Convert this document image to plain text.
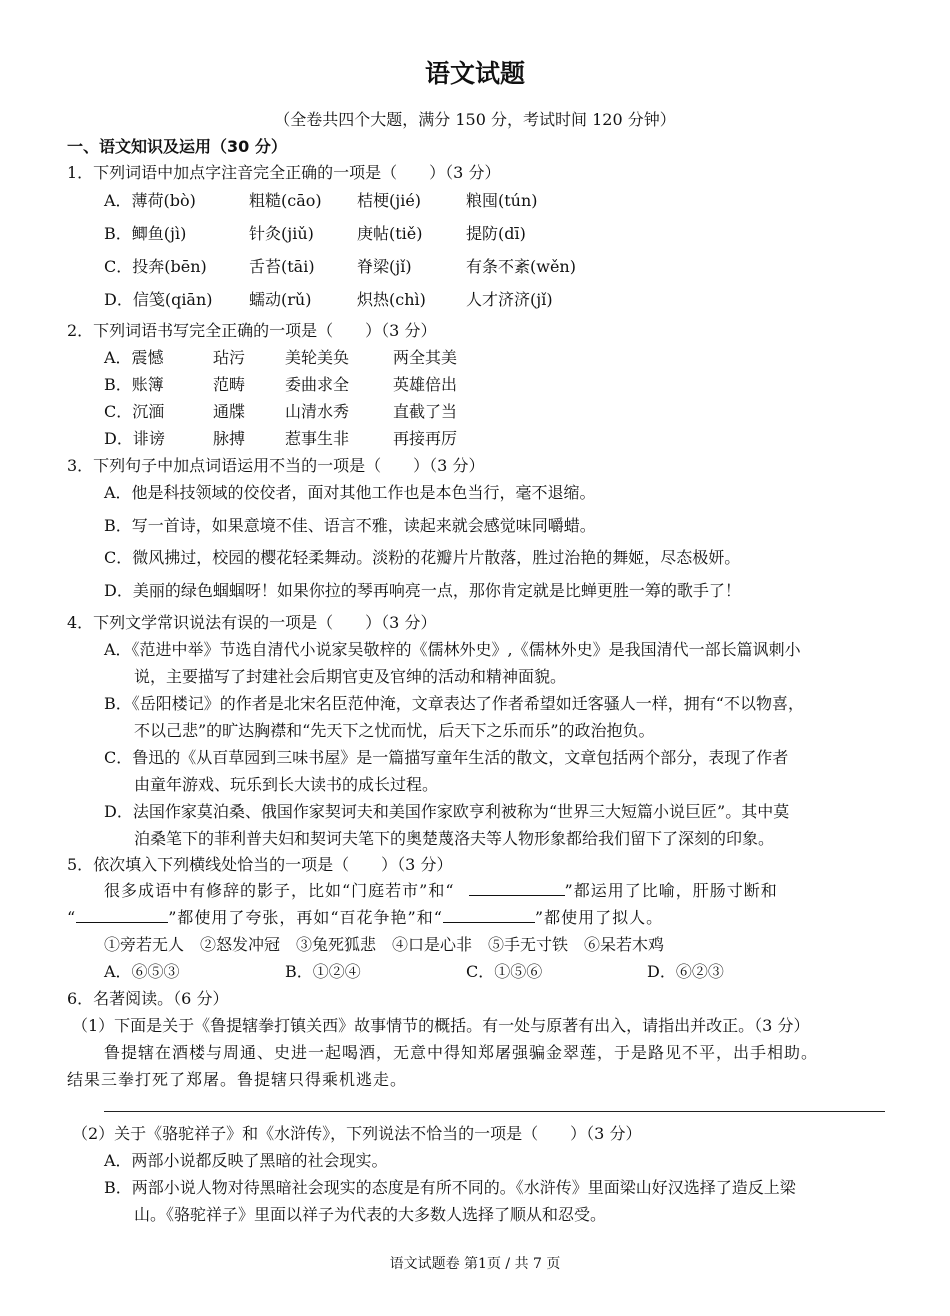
语文试题
（全卷共四个大题，满分 150 分，考试时间 120 分钟）
一、语文知识及运用（30 分）
1．下列词语中加点字注音完全正确的一项是（　　）（3 分）
A．薄荷(bò)	粗糙(cāo) 桔梗(jié)	粮囤(tún)
B．鲫鱼(jì)	针灸(jiǔ)	庚帖(tiě)	提防(dī)
C．投奔(bēn)	舌苔(tāi)	脊梁(jǐ)	有条不紊(wěn)
D．信笺(qiān) 蠕动(rǔ)	炽热(chì)	人才济济(jǐ)
2．下列词语书写完全正确的一项是（　　）（3 分）
A．震憾	玷污 美轮美奂	两全其美
B．账簿	范畴 委曲求全	英雄倍出
C．沉湎	通牒 山清水秀	直截了当
D．诽谤	脉搏 惹事生非	再接再厉
3．下列句子中加点词语运用不当的一项是（　　）（3 分）
A．他是科技领域的佼佼者，面对其他工作也是本色当行，毫不退缩。
B．写一首诗，如果意境不佳、语言不雅，读起来就会感觉味同嚼蜡。
C．微风拂过，校园的樱花轻柔舞动。淡粉的花瓣片片散落，胜过治艳的舞姬，尽态极妍。
D．美丽的绿色蝈蝈呀！如果你拉的琴再响亮一点，那你肯定就是比蝉更胜一筹的歌手了！
4．下列文学常识说法有误的一项是（　　）（3 分）
A．《范进中举》节选自清代小说家吴敬梓的《儒林外史》,《儒林外史》是我国清代一部长篇讽刺小
说，主要描写了封建社会后期官吏及官绅的活动和精神面貌。
B．《岳阳楼记》的作者是北宋名臣范仲淹，文章表达了作者希望如迁客骚人一样，拥有“不以物喜，
不以己悲”的旷达胸襟和“先天下之忧而忧，后天下之乐而乐”的政治抱负。
C．鲁迅的《从百草园到三味书屋》是一篇描写童年生活的散文，文章包括两个部分，表现了作者
由童年游戏、玩乐到长大读书的成长过程。
D．法国作家莫泊桑、俄国作家契诃夫和美国作家欧亨利被称为“世界三大短篇小说巨匠”。其中莫
泊桑笔下的菲利普夫妇和契诃夫笔下的奥楚蔑洛夫等人物形象都给我们留下了深刻的印象。
5．依次填入下列横线处恰当的一项是（　　）（3 分）
很多成语中有修辞的影子，比如“门庭若市”和“	”都运用了比喻，肝肠寸断和
“	”都使用了夸张，再如“百花争艳”和“	”都使用了拟人。
①旁若无人　②怒发冲冠　③兔死狐悲　④口是心非　⑤手无寸铁　⑥呆若木鸡
A．⑥⑤③	B．①②④	C．①⑤⑥	D．⑥②③
6．名著阅读。（6 分）
（1）下面是关于《鲁提辖拳打镇关西》故事情节的概括。有一处与原著有出入，请指出并改正。（3 分）
鲁提辖在酒楼与周通、史进一起喝酒，无意中得知郑屠强骗金翠莲，于是路见不平，出手相助。
结果三拳打死了郑屠。鲁提辖只得乘机逃走。
（2）关于《骆驼祥子》和《水浒传》，下列说法不恰当的一项是（　　）（3 分）
A．两部小说都反映了黑暗的社会现实。
B．两部小说人物对待黑暗社会现实的态度是有所不同的。《水浒传》里面梁山好汉选择了造反上梁
山。《骆驼祥子》里面以祥子为代表的大多数人选择了顺从和忍受。
语文试题卷 第1页 / 共 7 页
